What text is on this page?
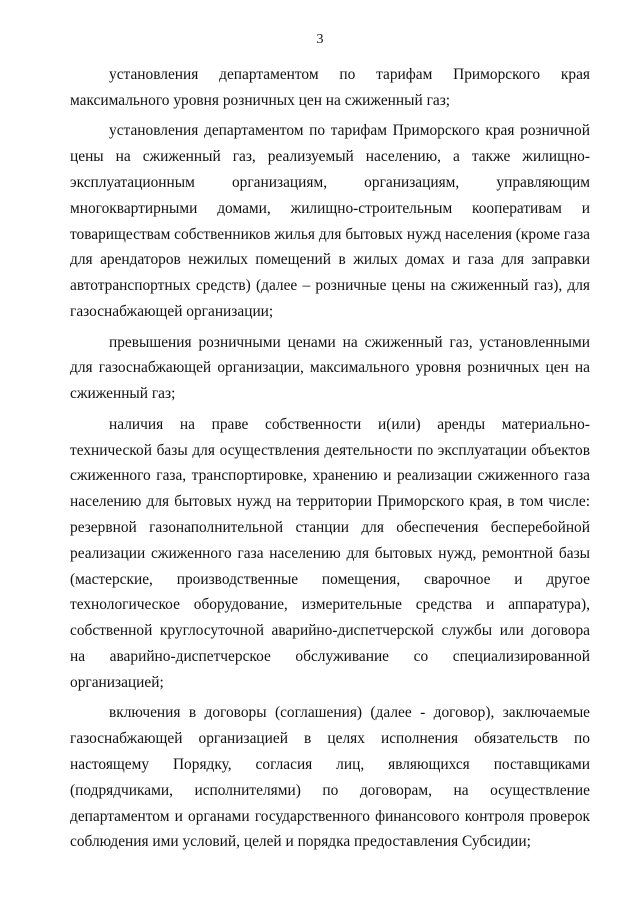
3

установления департаментом по тарифам Приморского края максимального уровня розничных цен на сжиженный газ;

установления департаментом по тарифам Приморского края розничной цены на сжиженный газ, реализуемый населению, а также жилищно-эксплуатационным организациям, организациям, управляющим многоквартирными домами, жилищно-строительным кооперативам и товариществам собственников жилья для бытовых нужд населения (кроме газа для арендаторов нежилых помещений в жилых домах и газа для заправки автотранспортных средств) (далее – розничные цены на сжиженный газ), для газоснабжающей организации;

превышения розничными ценами на сжиженный газ, установленными для газоснабжающей организации, максимального уровня розничных цен на сжиженный газ;

наличия на праве собственности и(или) аренды материально-технической базы для осуществления деятельности по эксплуатации объектов сжиженного газа, транспортировке, хранению и реализации сжиженного газа населению для бытовых нужд на территории Приморского края, в том числе: резервной газонаполнительной станции для обеспечения бесперебойной реализации сжиженного газа населению для бытовых нужд, ремонтной базы (мастерские, производственные помещения, сварочное и другое технологическое оборудование, измерительные средства и аппаратура), собственной круглосуточной аварийно-диспетчерской службы или договора на аварийно-диспетчерское обслуживание со специализированной организацией;

включения в договоры (соглашения) (далее - договор), заключаемые газоснабжающей организацией в целях исполнения обязательств по настоящему Порядку, согласия лиц, являющихся поставщиками (подрядчиками, исполнителями) по договорам, на осуществление департаментом и органами государственного финансового контроля проверок соблюдения ими условий, целей и порядка предоставления Субсидии;
